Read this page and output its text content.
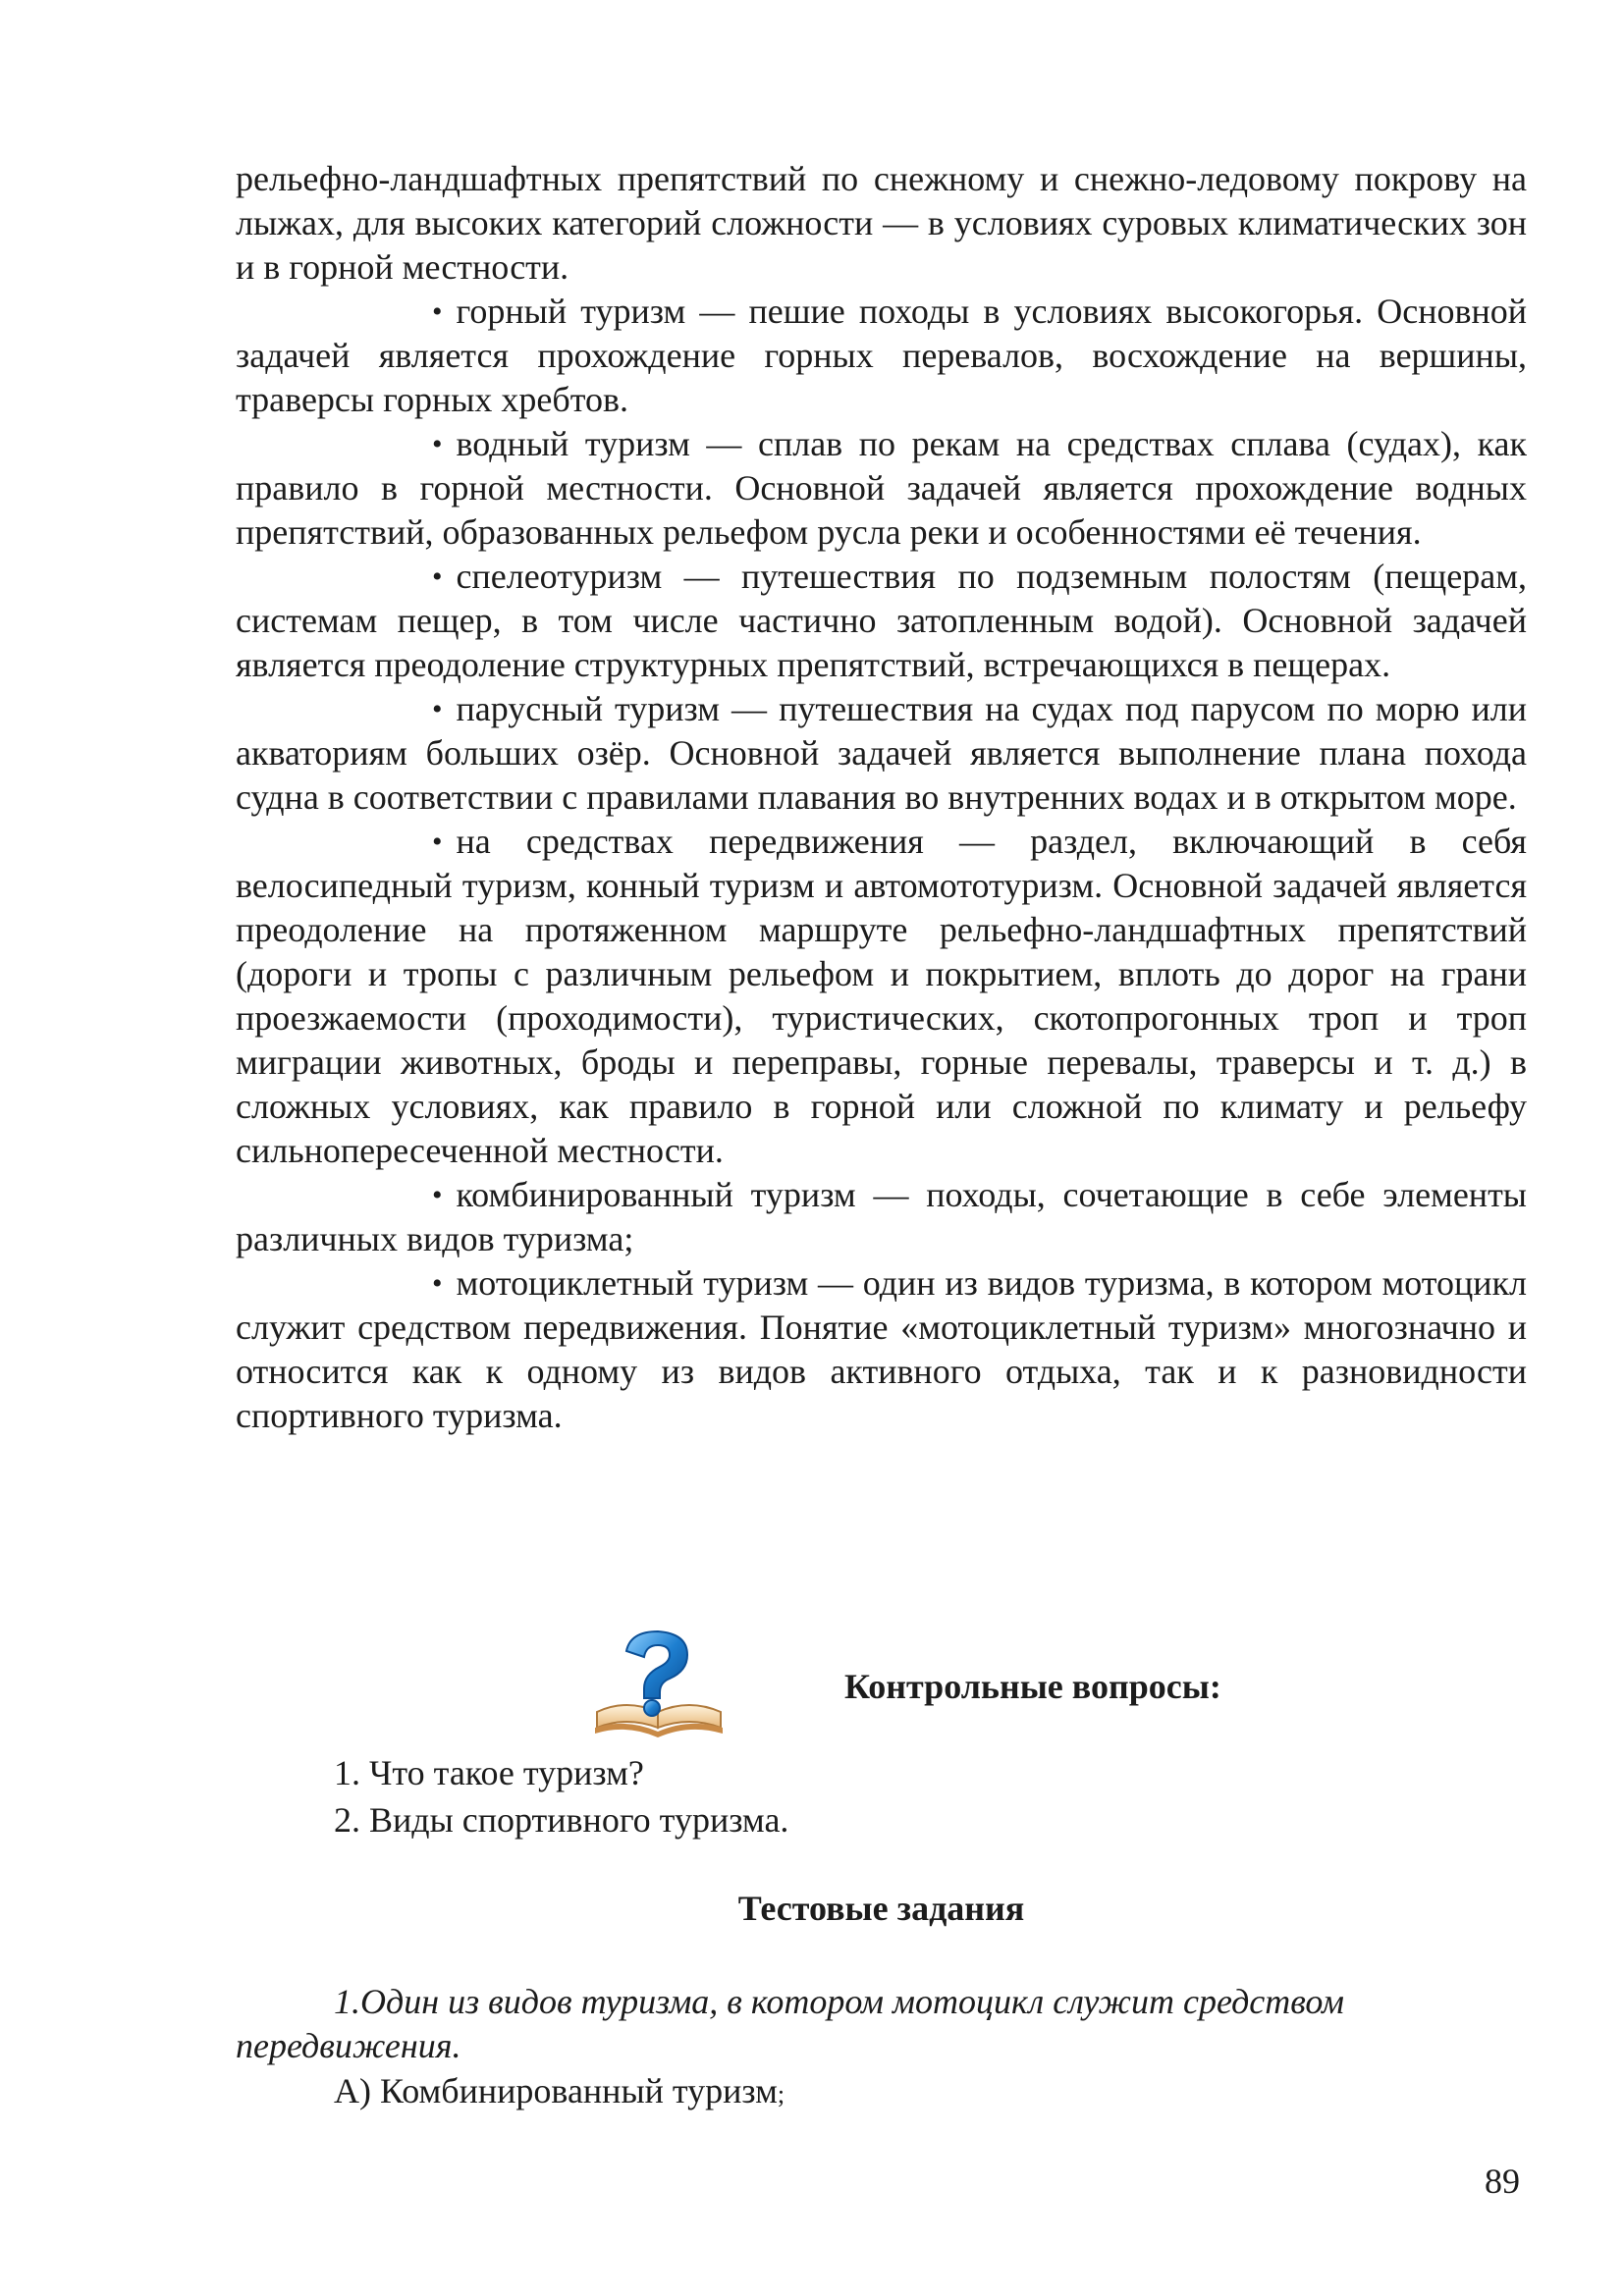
рельефно-ландшафтных препятствий по снежному и снежно-ледовому покрову на лыжах, для высоких категорий сложности — в условиях суровых климатических зон и в горной местности.

• горный туризм — пешие походы в условиях высокогорья. Основной задачей является прохождение горных перевалов, восхождение на вершины, траверсы горных хребтов.

• водный туризм — сплав по рекам на средствах сплава (судах), как правило в горной местности. Основной задачей является прохождение водных препятствий, образованных рельефом русла реки и особенностями её течения.

• спелеотуризм — путешествия по подземным полостям (пещерам, системам пещер, в том числе частично затопленным водой). Основной задачей является преодоление структурных препятствий, встречающихся в пещерах.

• парусный туризм — путешествия на судах под парусом по морю или акваториям больших озёр. Основной задачей является выполнение плана похода судна в соответствии с правилами плавания во внутренних водах и в открытом море.

• на средствах передвижения — раздел, включающий в себя велосипедный туризм, конный туризм и автомототуризм. Основной задачей является преодоление на протяженном маршруте рельефно-ландшафтных препятствий (дороги и тропы с различным рельефом и покрытием, вплоть до дорог на грани проезжаемости (проходимости), туристических, скотопрогонных троп и троп миграции животных, броды и переправы, горные перевалы, траверсы и т. д.) в сложных условиях, как правило в горной или сложной по климату и рельефу сильнопересеченной местности.

• комбинированный туризм — походы, сочетающие в себе элементы различных видов туризма;

• мотоциклетный туризм — один из видов туризма, в котором мотоцикл служит средством передвижения. Понятие «мотоциклетный туризм» многозначно и относится как к одному из видов активного отдыха, так и к разновидности спортивного туризма.

Контрольные вопросы:
1. Что такое туризм?
2. Виды спортивного туризма.
Тестовые задания
1.Один из видов туризма, в котором мотоцикл служит средством передвижения.
А) Комбинированный туризм;
89
